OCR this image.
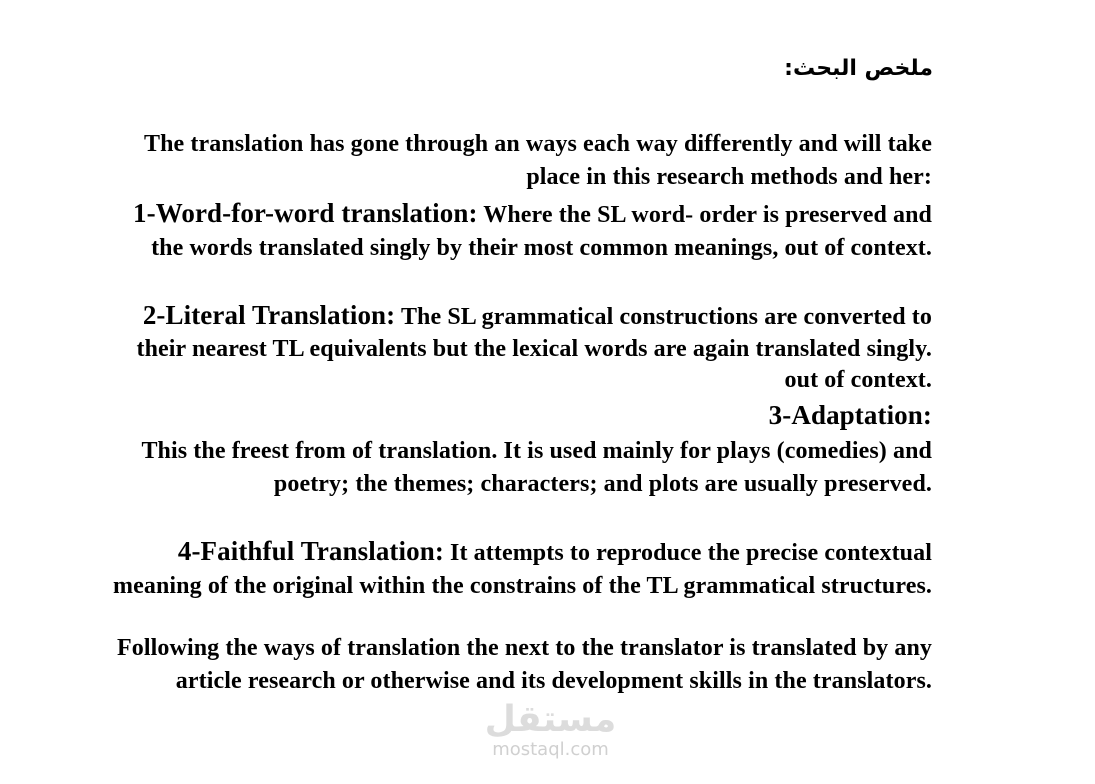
ملخص البحث:
The translation has gone through an ways each way differently and will take place in this research methods and her:
1-Word-for-word translation: Where the SL word- order is preserved and the words translated singly by their most common meanings, out of context.
2-Literal Translation: The SL grammatical constructions are converted to their nearest TL equivalents but the lexical words are again translated singly. out of context.
3-Adaptation:
This the freest from of translation. It is used mainly for plays (comedies) and poetry; the themes; characters; and plots are usually preserved.
4-Faithful Translation: It attempts to reproduce the precise contextual meaning of the original within the constrains of the TL grammatical structures.
Following the ways of translation the next to the translator is translated by any article research or otherwise and its development skills in the translators.
مستقل
mostaql.com
